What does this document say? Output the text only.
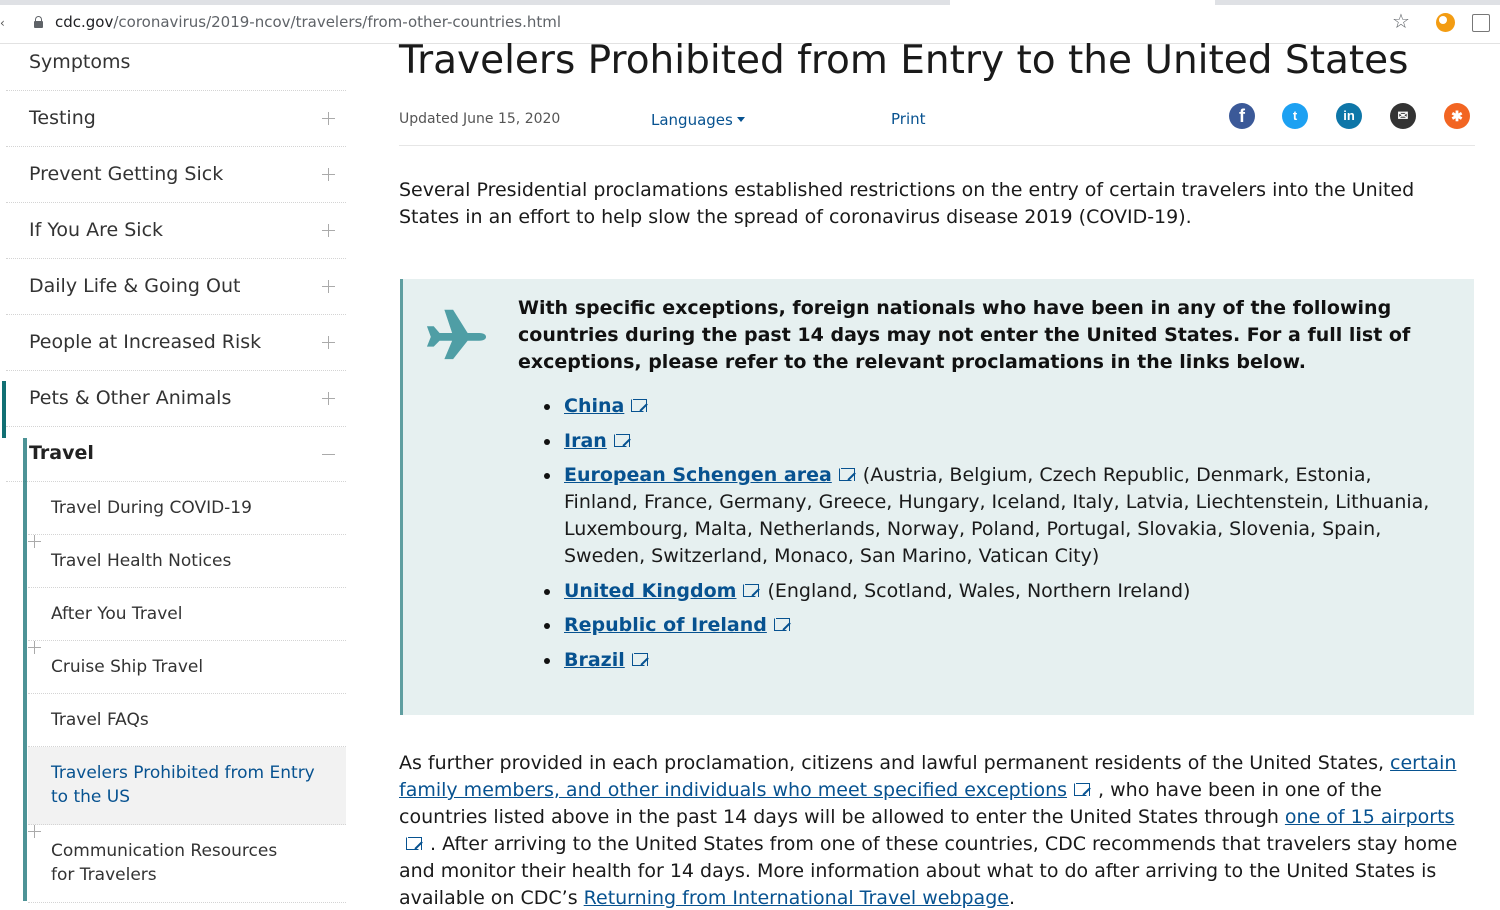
‹	cdc.gov/coronavirus/2019-ncov/travelers/from-other-countries.html	☆
Symptoms
Testing
Prevent Getting Sick
If You Are Sick
Daily Life & Going Out
People at Increased Risk
Pets & Other Animals
Travel
Travel During COVID-19
Travel Health Notices
After You Travel
Cruise Ship Travel
Travel FAQs
Travelers Prohibited from Entry to the US
Communication Resources for Travelers
Travelers Prohibited from Entry to the United States
Updated June 15, 2020	Languages	Print	f	t	in	✉	✱

Several Presidential proclamations established restrictions on the entry of certain travelers into the United States in an effort to help slow the spread of coronavirus disease 2019 (COVID-19).

With specific exceptions, foreign nationals who have been in any of the following countries during the past 14 days may not enter the United States. For a full list of exceptions, please refer to the relevant proclamations in the links below.

China
Iran
European Schengen area (Austria, Belgium, Czech Republic, Denmark, Estonia, Finland, France, Germany, Greece, Hungary, Iceland, Italy, Latvia, Liechtenstein, Lithuania, Luxembourg, Malta, Netherlands, Norway, Poland, Portugal, Slovakia, Slovenia, Spain, Sweden, Switzerland, Monaco, San Marino, Vatican City)
United Kingdom (England, Scotland, Wales, Northern Ireland)
Republic of Ireland
Brazil

As further provided in each proclamation, citizens and lawful permanent residents of the United States, certain family members, and other individuals who meet specified exceptions , who have been in one of the countries listed above in the past 14 days will be allowed to enter the United States through one of 15 airports
. After arriving to the United States from one of these countries, CDC recommends that travelers stay home and monitor their health for 14 days. More information about what to do after arriving to the United States is available on CDC’s Returning from International Travel webpage.
